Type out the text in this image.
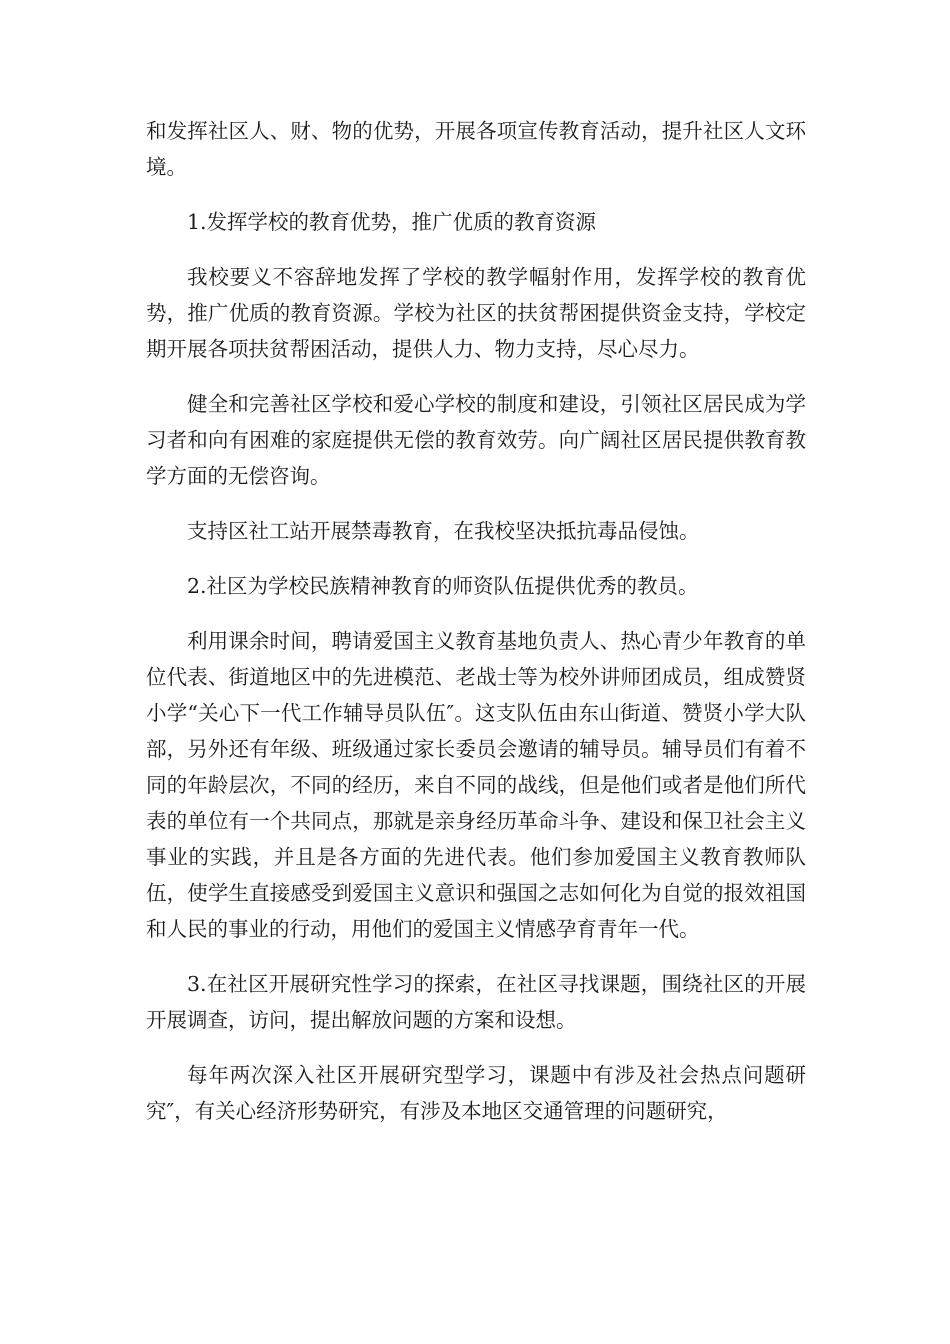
和发挥社区人、财、物的优势，开展各项宣传教育活动，提升社区人文环境。

1.发挥学校的教育优势，推广优质的教育资源

我校要义不容辞地发挥了学校的教学幅射作用，发挥学校的教育优势，推广优质的教育资源。学校为社区的扶贫帮困提供资金支持，学校定期开展各项扶贫帮困活动，提供人力、物力支持，尽心尽力。

健全和完善社区学校和爱心学校的制度和建设，引领社区居民成为学习者和向有困难的家庭提供无偿的教育效劳。向广阔社区居民提供教育教学方面的无偿咨询。

支持区社工站开展禁毒教育，在我校坚决抵抗毒品侵蚀。

2.社区为学校民族精神教育的师资队伍提供优秀的教员。

利用课余时间，聘请爱国主义教育基地负责人、热心青少年教育的单位代表、街道地区中的先进模范、老战士等为校外讲师团成员，组成赞贤小学“关心下一代工作辅导员队伍″。这支队伍由东山街道、赞贤小学大队部，另外还有年级、班级通过家长委员会邀请的辅导员。辅导员们有着不同的年龄层次，不同的经历，来自不同的战线，但是他们或者是他们所代表的单位有一个共同点，那就是亲身经历革命斗争、建设和保卫社会主义事业的实践，并且是各方面的先进代表。他们参加爱国主义教育教师队伍，使学生直接感受到爱国主义意识和强国之志如何化为自觉的报效祖国和人民的事业的行动，用他们的爱国主义情感孕育青年一代。

3.在社区开展研究性学习的探索，在社区寻找课题，围绕社区的开展开展调查，访问，提出解放问题的方案和设想。

每年两次深入社区开展研究型学习，课题中有涉及社会热点问题研究″，有关心经济形势研究，有涉及本地区交通管理的问题研究，
